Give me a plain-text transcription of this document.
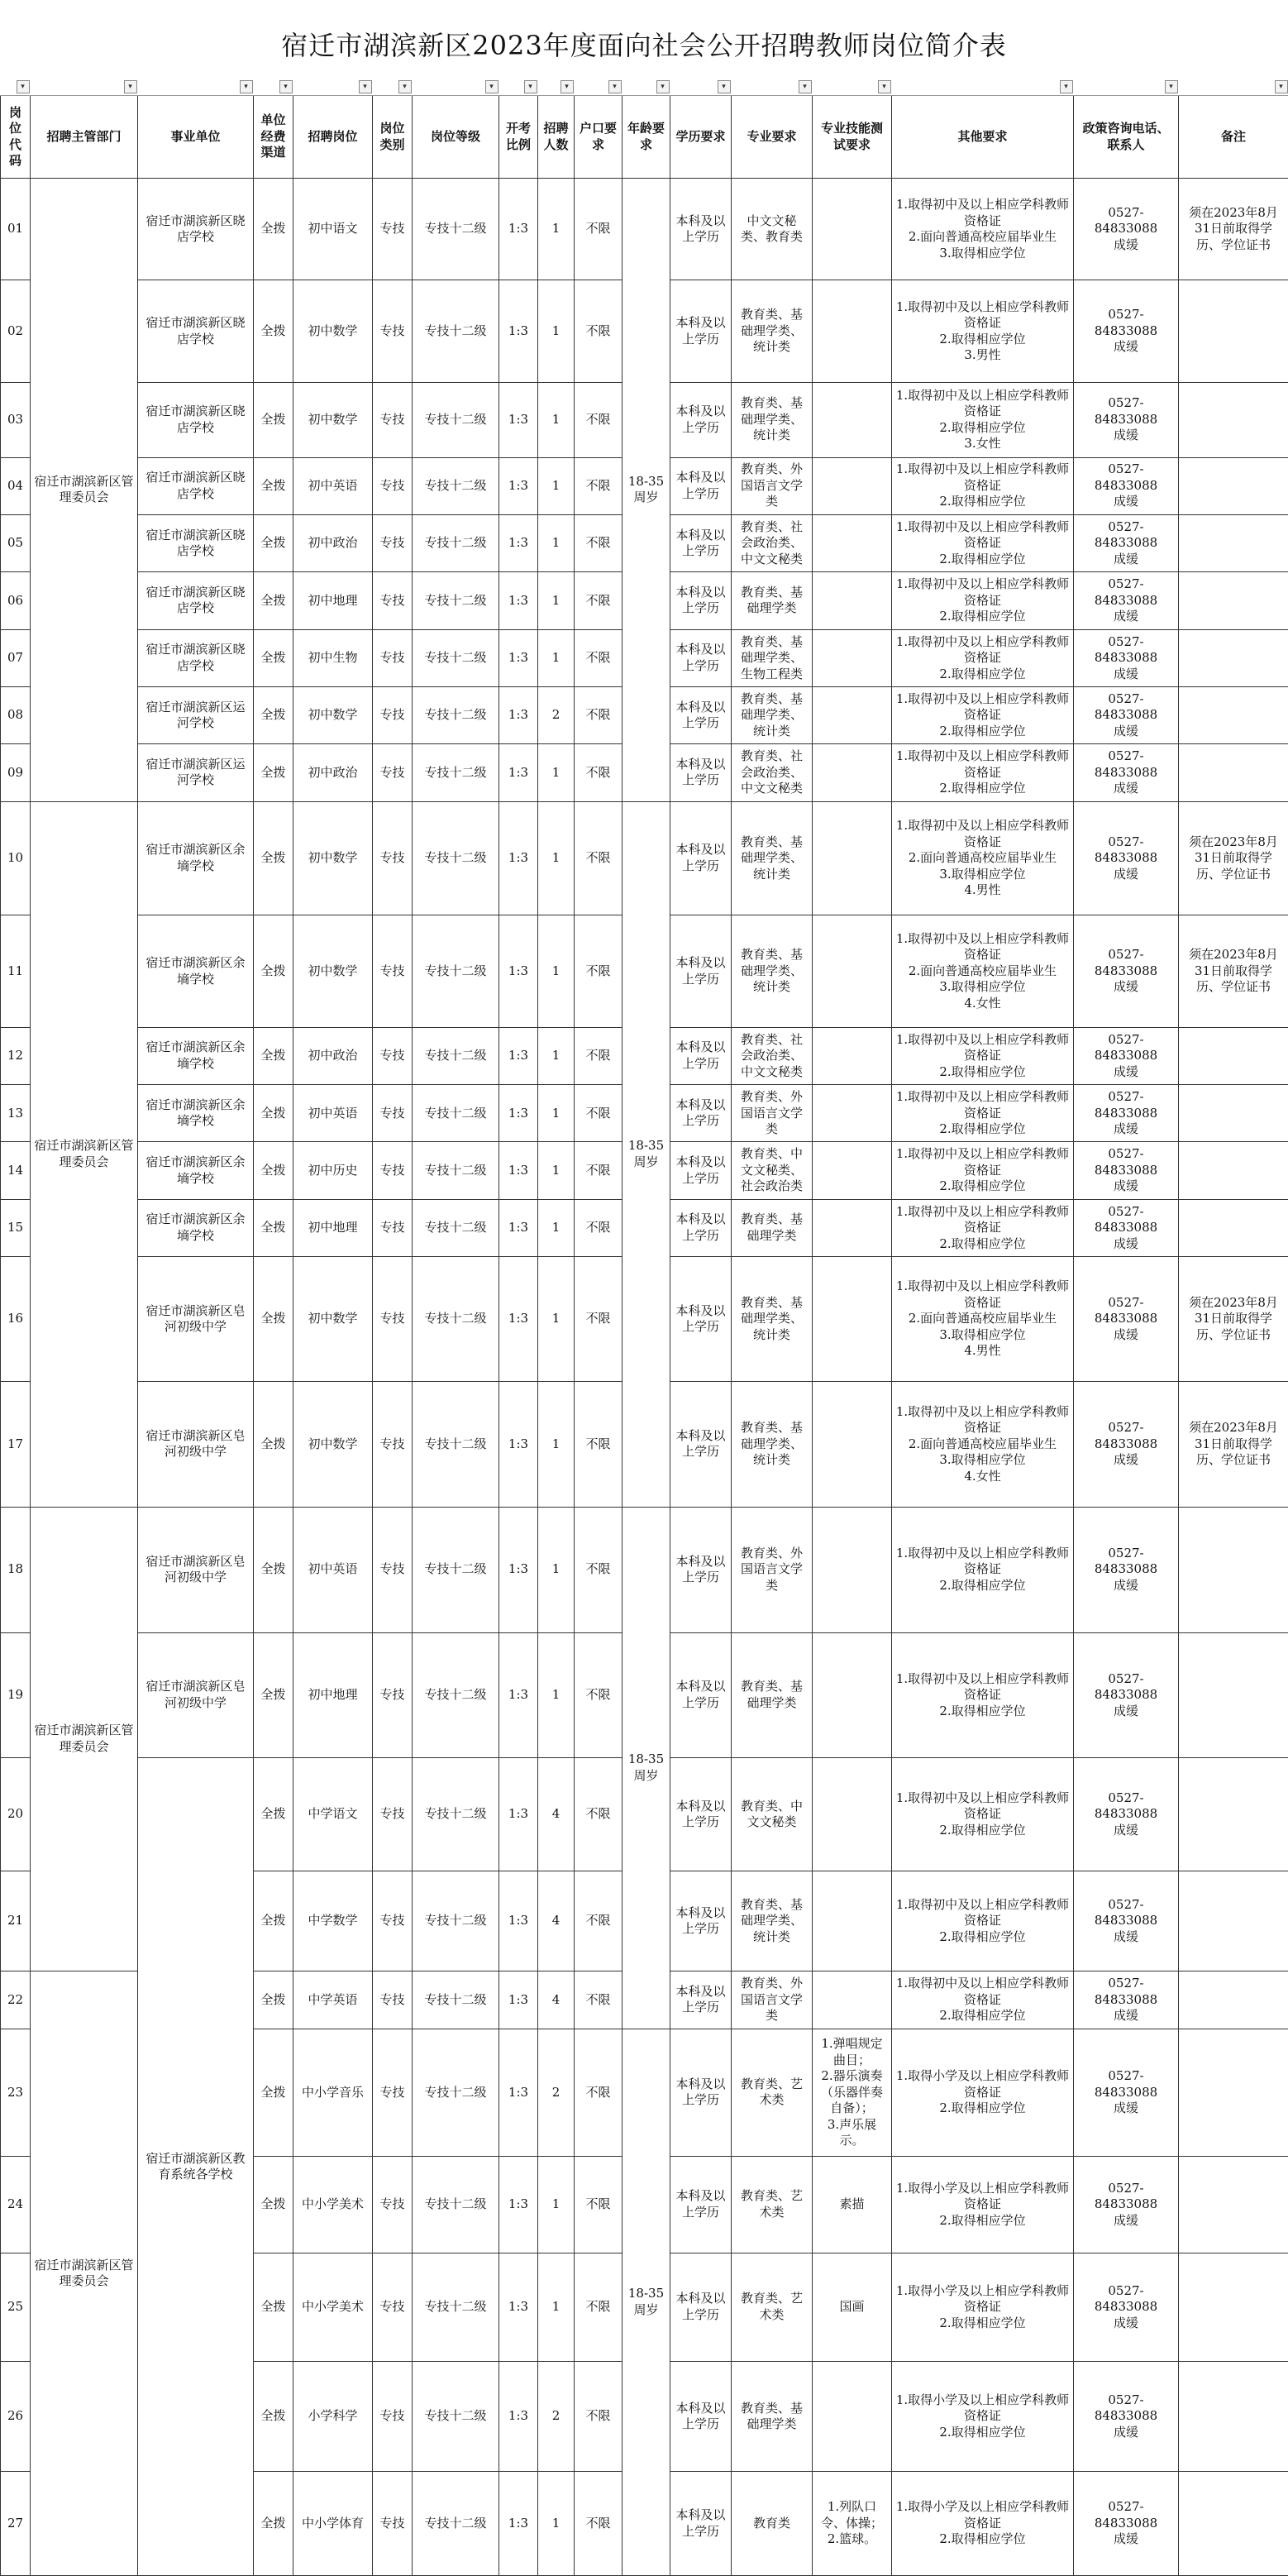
宿迁市湖滨新区2023年度面向社会公开招聘教师岗位简介表
▾	▾	▾	▾	▾	▾	▾	▾	▾	▾	▾	▾	▾	▾	▾	▾	▾

岗位代码	招聘主管部门	事业单位	单位经费渠道	招聘岗位	岗位类别	岗位等级	开考比例	招聘人数	户口要求	年龄要求	学历要求	专业要求	专业技能测试要求	其他要求	政策咨询电话、联系人	备注
01	宿迁市湖滨新区管理委员会	宿迁市湖滨新区晓店学校	全拨	初中语文	专技	专技十二级	1:3	1	不限	18-35周岁	本科及以上学历	中文文秘类、教育类		1.取得初中及以上相应学科教师资格证
2.面向普通高校应届毕业生
3.取得相应学位	0527-84833088
成缓	须在2023年8月31日前取得学历、学位证书
02		宿迁市湖滨新区晓店学校	全拨	初中数学	专技	专技十二级	1:3	1	不限		本科及以上学历	教育类、基础理学类、统计类		1.取得初中及以上相应学科教师资格证
2.取得相应学位
3.男性	0527-84833088
成缓	
03		宿迁市湖滨新区晓店学校	全拨	初中数学	专技	专技十二级	1:3	1	不限		本科及以上学历	教育类、基础理学类、统计类		1.取得初中及以上相应学科教师资格证
2.取得相应学位
3.女性	0527-84833088
成缓	
04		宿迁市湖滨新区晓店学校	全拨	初中英语	专技	专技十二级	1:3	1	不限		本科及以上学历	教育类、外国语言文学类		1.取得初中及以上相应学科教师资格证
2.取得相应学位	0527-84833088
成缓	
05		宿迁市湖滨新区晓店学校	全拨	初中政治	专技	专技十二级	1:3	1	不限		本科及以上学历	教育类、社会政治类、中文文秘类		1.取得初中及以上相应学科教师资格证
2.取得相应学位	0527-84833088
成缓	
06		宿迁市湖滨新区晓店学校	全拨	初中地理	专技	专技十二级	1:3	1	不限		本科及以上学历	教育类、基础理学类		1.取得初中及以上相应学科教师资格证
2.取得相应学位	0527-84833088
成缓	
07		宿迁市湖滨新区晓店学校	全拨	初中生物	专技	专技十二级	1:3	1	不限		本科及以上学历	教育类、基础理学类、生物工程类		1.取得初中及以上相应学科教师资格证
2.取得相应学位	0527-84833088
成缓	
08		宿迁市湖滨新区运河学校	全拨	初中数学	专技	专技十二级	1:3	2	不限		本科及以上学历	教育类、基础理学类、统计类		1.取得初中及以上相应学科教师资格证
2.取得相应学位	0527-84833088
成缓	
09		宿迁市湖滨新区运河学校	全拨	初中政治	专技	专技十二级	1:3	1	不限		本科及以上学历	教育类、社会政治类、中文文秘类		1.取得初中及以上相应学科教师资格证
2.取得相应学位	0527-84833088
成缓	
10	宿迁市湖滨新区管理委员会	宿迁市湖滨新区余墒学校	全拨	初中数学	专技	专技十二级	1:3	1	不限	18-35周岁	本科及以上学历	教育类、基础理学类、统计类		1.取得初中及以上相应学科教师资格证
2.面向普通高校应届毕业生
3.取得相应学位
4.男性	0527-84833088
成缓	须在2023年8月31日前取得学历、学位证书
11		宿迁市湖滨新区余墒学校	全拨	初中数学	专技	专技十二级	1:3	1	不限		本科及以上学历	教育类、基础理学类、统计类		1.取得初中及以上相应学科教师资格证
2.面向普通高校应届毕业生
3.取得相应学位
4.女性	0527-84833088
成缓	须在2023年8月31日前取得学历、学位证书
12		宿迁市湖滨新区余墒学校	全拨	初中政治	专技	专技十二级	1:3	1	不限		本科及以上学历	教育类、社会政治类、中文文秘类		1.取得初中及以上相应学科教师资格证
2.取得相应学位	0527-84833088
成缓	
13		宿迁市湖滨新区余墒学校	全拨	初中英语	专技	专技十二级	1:3	1	不限		本科及以上学历	教育类、外国语言文学类		1.取得初中及以上相应学科教师资格证
2.取得相应学位	0527-84833088
成缓	
14		宿迁市湖滨新区余墒学校	全拨	初中历史	专技	专技十二级	1:3	1	不限		本科及以上学历	教育类、中文文秘类、社会政治类		1.取得初中及以上相应学科教师资格证
2.取得相应学位	0527-84833088
成缓	
15		宿迁市湖滨新区余墒学校	全拨	初中地理	专技	专技十二级	1:3	1	不限		本科及以上学历	教育类、基础理学类		1.取得初中及以上相应学科教师资格证
2.取得相应学位	0527-84833088
成缓	
16		宿迁市湖滨新区皂河初级中学	全拨	初中数学	专技	专技十二级	1:3	1	不限		本科及以上学历	教育类、基础理学类、统计类		1.取得初中及以上相应学科教师资格证
2.面向普通高校应届毕业生
3.取得相应学位
4.男性	0527-84833088
成缓	须在2023年8月31日前取得学历、学位证书
17		宿迁市湖滨新区皂河初级中学	全拨	初中数学	专技	专技十二级	1:3	1	不限		本科及以上学历	教育类、基础理学类、统计类		1.取得初中及以上相应学科教师资格证
2.面向普通高校应届毕业生
3.取得相应学位
4.女性	0527-84833088
成缓	须在2023年8月31日前取得学历、学位证书
18	宿迁市湖滨新区管理委员会	宿迁市湖滨新区皂河初级中学	全拨	初中英语	专技	专技十二级	1:3	1	不限	18-35周岁	本科及以上学历	教育类、外国语言文学类		1.取得初中及以上相应学科教师资格证
2.取得相应学位	0527-84833088
成缓	
19		宿迁市湖滨新区皂河初级中学	全拨	初中地理	专技	专技十二级	1:3	1	不限		本科及以上学历	教育类、基础理学类		1.取得初中及以上相应学科教师资格证
2.取得相应学位	0527-84833088
成缓	
20		宿迁市湖滨新区教育系统各学校	全拨	中学语文	专技	专技十二级	1:3	4	不限		本科及以上学历	教育类、中文文秘类		1.取得初中及以上相应学科教师资格证
2.取得相应学位	0527-84833088
成缓	
21			全拨	中学数学	专技	专技十二级	1:3	4	不限		本科及以上学历	教育类、基础理学类、统计类		1.取得初中及以上相应学科教师资格证
2.取得相应学位	0527-84833088
成缓	
22	宿迁市湖滨新区管理委员会		全拨	中学英语	专技	专技十二级	1:3	4	不限		本科及以上学历	教育类、外国语言文学类		1.取得初中及以上相应学科教师资格证
2.取得相应学位	0527-84833088
成缓	
23			全拨	中小学音乐	专技	专技十二级	1:3	2	不限	18-35周岁	本科及以上学历	教育类、艺术类	1.弹唱规定曲目；
2.器乐演奏（乐器伴奏自备）；
3.声乐展示。	1.取得小学及以上相应学科教师资格证
2.取得相应学位	0527-84833088
成缓	
24			全拨	中小学美术	专技	专技十二级	1:3	1	不限		本科及以上学历	教育类、艺术类	素描	1.取得小学及以上相应学科教师资格证
2.取得相应学位	0527-84833088
成缓	
25			全拨	中小学美术	专技	专技十二级	1:3	1	不限		本科及以上学历	教育类、艺术类	国画	1.取得小学及以上相应学科教师资格证
2.取得相应学位	0527-84833088
成缓	
26			全拨	小学科学	专技	专技十二级	1:3	2	不限		本科及以上学历	教育类、基础理学类		1.取得小学及以上相应学科教师资格证
2.取得相应学位	0527-84833088
成缓	
27			全拨	中小学体育	专技	专技十二级	1:3	1	不限		本科及以上学历	教育类	1.列队口令、体操；
2.篮球。	1.取得小学及以上相应学科教师资格证
2.取得相应学位	0527-84833088
成缓	
